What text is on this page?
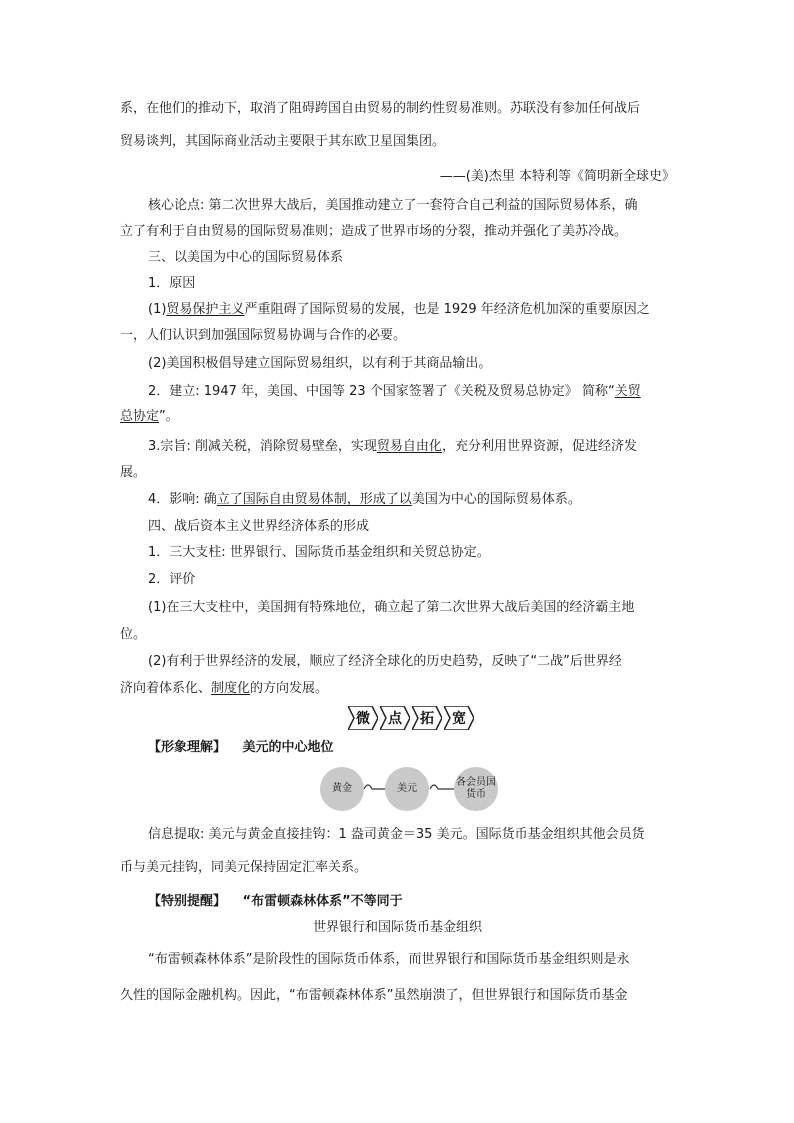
系，在他们的推动下，取消了阻碍跨国自由贸易的制约性贸易准则。苏联没有参加任何战后
贸易谈判，其国际商业活动主要限于其东欧卫星国集团。
——(美)杰里 本特利等《简明新全球史》
核心论点: 第二次世界大战后，美国推动建立了一套符合自己利益的国际贸易体系，确
立了有利于自由贸易的国际贸易准则；造成了世界市场的分裂，推动并强化了美苏冷战。
三、以美国为中心的国际贸易体系
1．原因
(1)贸易保护主义严重阻碍了国际贸易的发展，也是 1929 年经济危机加深的重要原因之
一，人们认识到加强国际贸易协调与合作的必要。
(2)美国积极倡导建立国际贸易组织，以有利于其商品输出。
2．建立: 1947 年，美国、中国等 23 个国家签署了《关税及贸易总协定》 简称“关贸
总协定”。
3.宗旨: 削减关税，消除贸易壁垒，实现贸易自由化，充分利用世界资源，促进经济发
展。
4．影响: 确立了国际自由贸易体制，形成了以美国为中心的国际贸易体系。
四、战后资本主义世界经济体系的形成
1．三大支柱: 世界银行、国际货币基金组织和关贸总协定。
2．评价
(1)在三大支柱中，美国拥有特殊地位，确立起了第二次世界大战后美国的经济霸主地
位。
(2)有利于世界经济的发展，顺应了经济全球化的历史趋势，反映了“二战”后世界经
济向着体系化、制度化的方向发展。
微 点 拓 宽
【形象理解】 美元的中心地位
黄金	美元
各会员国
货币
信息提取: 美元与黄金直接挂钩：1 盎司黄金＝35 美元。国际货币基金组织其他会员货
币与美元挂钩，同美元保持固定汇率关系。
【特别提醒】 “布雷顿森林体系”不等同于
世界银行和国际货币基金组织
“布雷顿森林体系”是阶段性的国际货币体系，而世界银行和国际货币基金组织则是永
久性的国际金融机构。因此，“布雷顿森林体系”虽然崩溃了，但世界银行和国际货币基金
